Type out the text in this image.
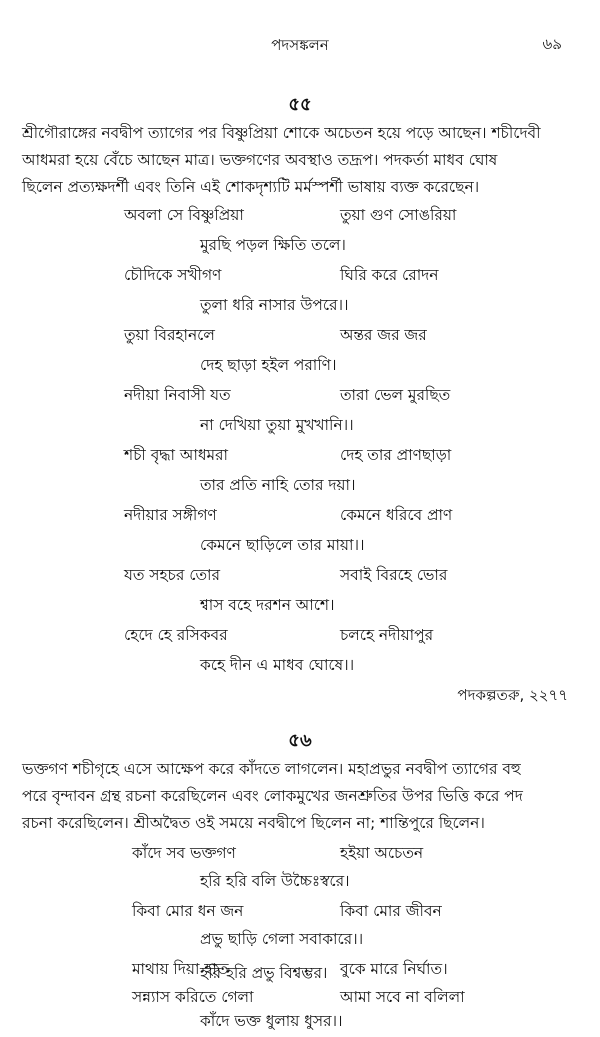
পদসঙ্কলন	৬৯
৫৫
শ্রীগৌরাঙ্গের নবদ্বীপ ত্যাগের পর বিষ্ণুপ্রিয়া শোকে অচেতন হয়ে পড়ে আছেন। শচীদেবী
আধমরা হয়ে বেঁচে আছেন মাত্র। ভক্তগণের অবস্থাও তদ্রূপ। পদকর্তা মাধব ঘোষ
ছিলেন প্রত্যক্ষদর্শী এবং তিনি এই শোকদৃশ্যটি মর্মস্পর্শী ভাষায় ব্যক্ত করেছেন।
অবলা সে বিষ্ণুপ্রিয়া	তুয়া গুণ সোঙরিয়া
মুরছি পড়ল ক্ষিতি তলে।
চৌদিকে সখীগণ	ঘিরি করে রোদন
তুলা ধরি নাসার উপরে।।
তুয়া বিরহানলে	অন্তর জর জর
দেহ ছাড়া হইল পরাণি।
নদীয়া নিবাসী যত	তারা ভেল মুরছিত
না দেখিয়া তুয়া মুখখানি।।
শচী বৃদ্ধা আধমরা	দেহ তার প্রাণছাড়া
তার প্রতি নাহি তোর দয়া।
নদীয়ার সঙ্গীগণ	কেমনে ধরিবে প্রাণ
কেমনে ছাড়িলে তার মায়া।।
যত সহচর তোর	সবাই বিরহে ভোর
শ্বাস বহে দরশন আশে।
হেদে হে রসিকবর	চলহে নদীয়াপুর
কহে দীন এ মাধব ঘোষে।।
পদকল্পতরু, ২২৭৭
৫৬
ভক্তগণ শচীগৃহে এসে আক্ষেপ করে কাঁদতে লাগলেন। মহাপ্রভুর নবদ্বীপ ত্যাগের বহু
পরে বৃন্দাবন গ্রন্থ রচনা করেছিলেন এবং লোকমুখের জনশ্রুতির উপর ভিত্তি করে পদ
রচনা করেছিলেন। শ্রীঅদ্বৈত ওই সময়ে নবদ্বীপে ছিলেন না; শান্তিপুরে ছিলেন।
কাঁদে সব ভক্তগণ	হইয়া অচেতন
হরি হরি বলি উচ্চৈঃস্বরে।
কিবা মোর ধন জন	কিবা মোর জীবন
প্রভু ছাড়ি গেলা সবাকারে।।
মাথায় দিয়া হাত	বুকে মারে নির্ঘাত।
হরি হরি প্রভু বিশ্বম্ভর।
সন্ন্যাস করিতে গেলা	আমা সবে না বলিলা
কাঁদে ভক্ত ধুলায় ধুসর।।
